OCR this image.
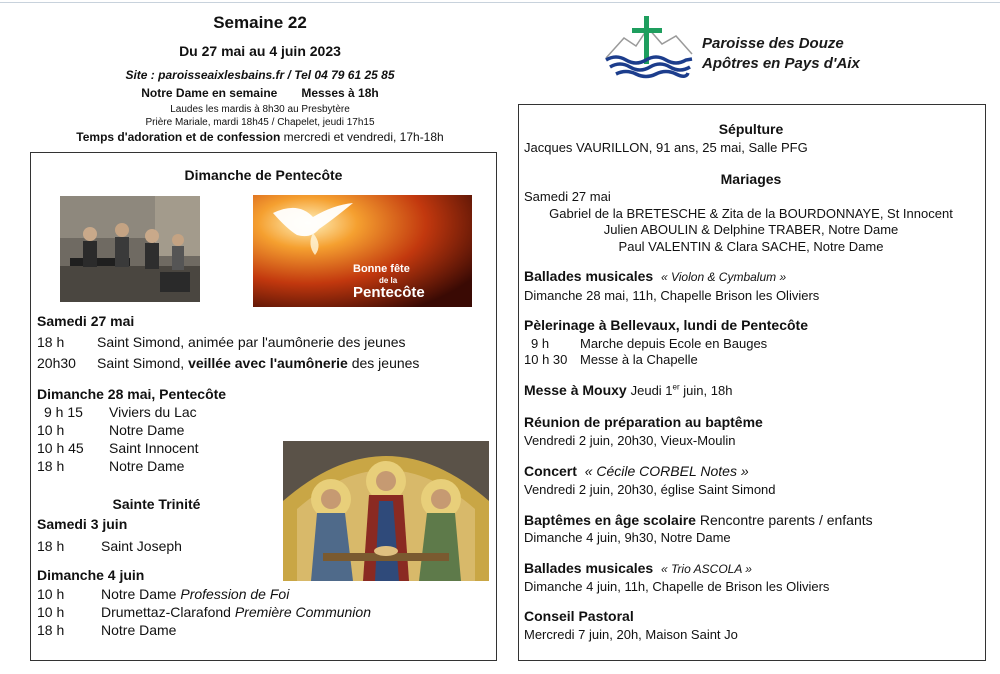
Semaine 22
Du 27 mai au 4 juin 2023
Site : paroisseaixlesbains.fr / Tel 04 79 61 25 85
Notre Dame en semaine Messes à 18h
Laudes les mardis à 8h30 au Presbytère
Prière Mariale, mardi 18h45 / Chapelet, jeudi 17h15
Temps d'adoration et de confession mercredi et vendredi, 17h-18h
Paroisse des Douze
Apôtres en Pays d'Aix
Dimanche de Pentecôte
Bonne fête
de la
Pentecôte
Samedi 27 mai
18 h Saint Simond, animée par l'aumônerie des jeunes
20h30 Saint Simond, veillée avec l'aumônerie des jeunes
Dimanche 28 mai, Pentecôte
9 h 15 Viviers du Lac
10 h	Notre Dame
10 h 45 Saint Innocent
18 h	Notre Dame
Sainte Trinité
Samedi 3 juin
18 h	Saint Joseph
Dimanche 4 juin
10 h	Notre Dame Profession de Foi
10 h	Drumettaz-Clarafond Première Communion
18 h	Notre Dame
Sépulture
Jacques VAURILLON, 91 ans, 25 mai, Salle PFG
Mariages
Samedi 27 mai
Gabriel de la BRETESCHE & Zita de la BOURDONNAYE, St Innocent
Julien ABOULIN & Delphine TRABER, Notre Dame
Paul VALENTIN & Clara SACHE, Notre Dame
Ballades musicales « Violon & Cymbalum »
Dimanche 28 mai, 11h, Chapelle Brison les Oliviers
Pèlerinage à Bellevaux, lundi de Pentecôte
9 h Marche depuis Ecole en Bauges
10 h 30 Messe à la Chapelle
Messe à Mouxy Jeudi 1er juin, 18h
Réunion de préparation au baptême
Vendredi 2 juin, 20h30, Vieux-Moulin
Concert « Cécile CORBEL Notes »
Vendredi 2 juin, 20h30, église Saint Simond
Baptêmes en âge scolaire Rencontre parents / enfants
Dimanche 4 juin, 9h30, Notre Dame
Ballades musicales « Trio ASCOLA »
Dimanche 4 juin, 11h, Chapelle de Brison les Oliviers
Conseil Pastoral
Mercredi 7 juin, 20h, Maison Saint Jo
